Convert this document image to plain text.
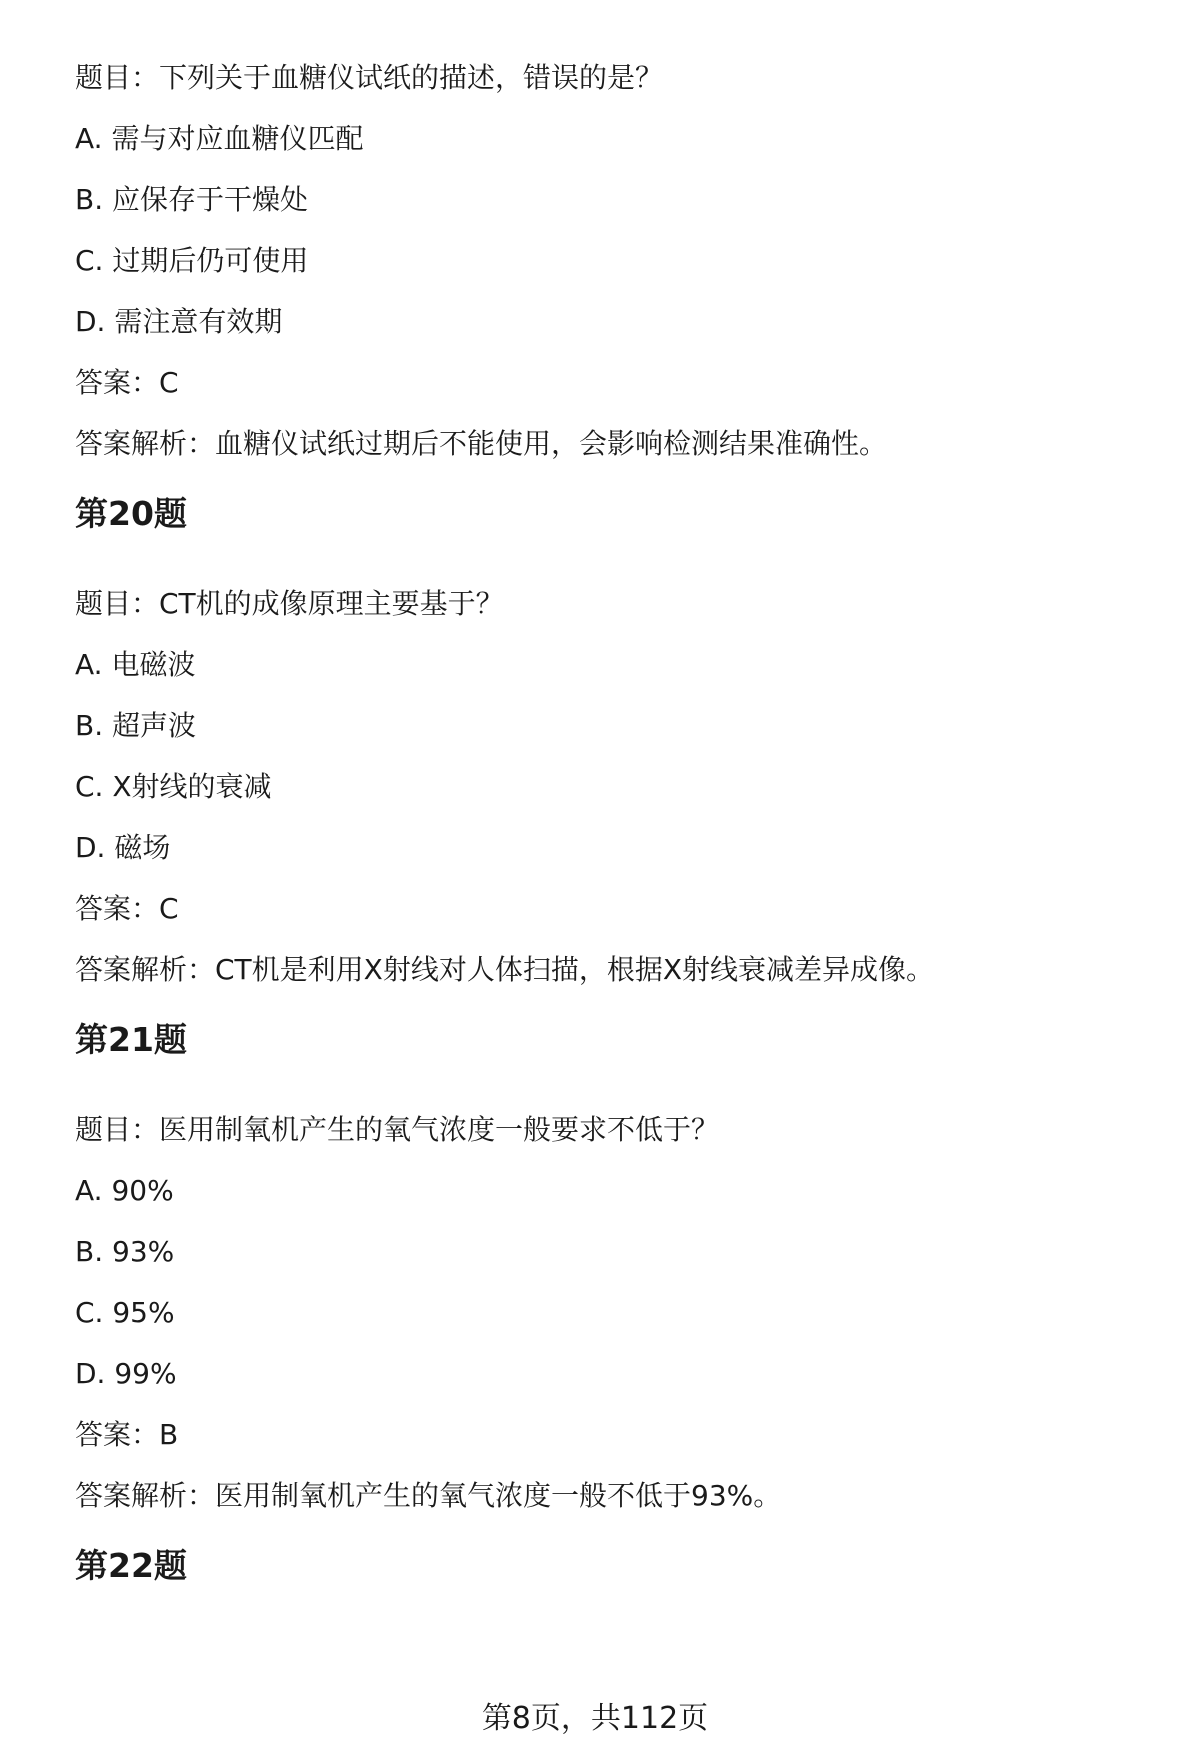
题目：下列关于血糖仪试纸的描述，错误的是？
A. 需与对应血糖仪匹配
B. 应保存于干燥处
C. 过期后仍可使用
D. 需注意有效期
答案：C
答案解析：血糖仪试纸过期后不能使用，会影响检测结果准确性。
第20题
题目：CT机的成像原理主要基于？
A. 电磁波
B. 超声波
C. X射线的衰减
D. 磁场
答案：C
答案解析：CT机是利用X射线对人体扫描，根据X射线衰减差异成像。
第21题
题目：医用制氧机产生的氧气浓度一般要求不低于？
A. 90%
B. 93%
C. 95%
D. 99%
答案：B
答案解析：医用制氧机产生的氧气浓度一般不低于93%。
第22题
第8页，共112页
